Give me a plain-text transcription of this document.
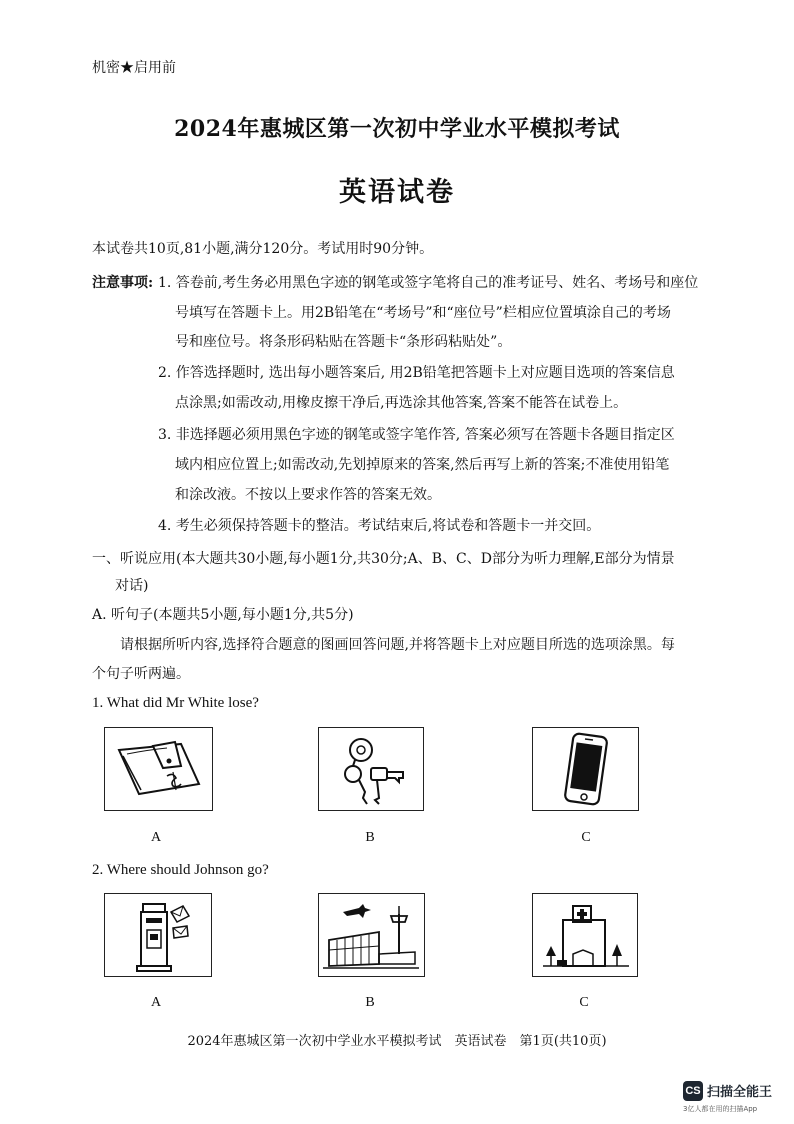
机密★启用前
2024年惠城区第一次初中学业水平模拟考试
英语试卷
本试卷共10页,81小题,满分120分。考试用时90分钟。
注意事项: 1. 答卷前,考生务必用黑色字迹的钢笔或签字笔将自己的准考证号、姓名、考场号和座位
号填写在答题卡上。用2B铅笔在“考场号”和“座位号”栏相应位置填涂自己的考场
号和座位号。将条形码粘贴在答题卡“条形码粘贴处”。
2. 作答选择题时, 选出每小题答案后, 用2B铅笔把答题卡上对应题目选项的答案信息
点涂黑;如需改动,用橡皮擦干净后,再选涂其他答案,答案不能答在试卷上。
3. 非选择题必须用黑色字迹的钢笔或签字笔作答, 答案必须写在答题卡各题目指定区
域内相应位置上;如需改动,先划掉原来的答案,然后再写上新的答案;不准使用铅笔
和涂改液。不按以上要求作答的答案无效。
4. 考生必须保持答题卡的整洁。考试结束后,将试卷和答题卡一并交回。
一、听说应用(本大题共30小题,每小题1分,共30分;A、B、C、D部分为听力理解,E部分为情景
对话)
A. 听句子(本题共5小题,每小题1分,共5分)
请根据所听内容,选择符合题意的图画回答问题,并将答题卡上对应题目所选的选项涂黑。每
个句子听两遍。
1. What did Mr White lose?
A	B	C
2. Where should Johnson go?
A	B	C
2024年惠城区第一次初中学业水平模拟考试　英语试卷　第1页(共10页)
CS 扫描全能王
3亿人都在用的扫描App
